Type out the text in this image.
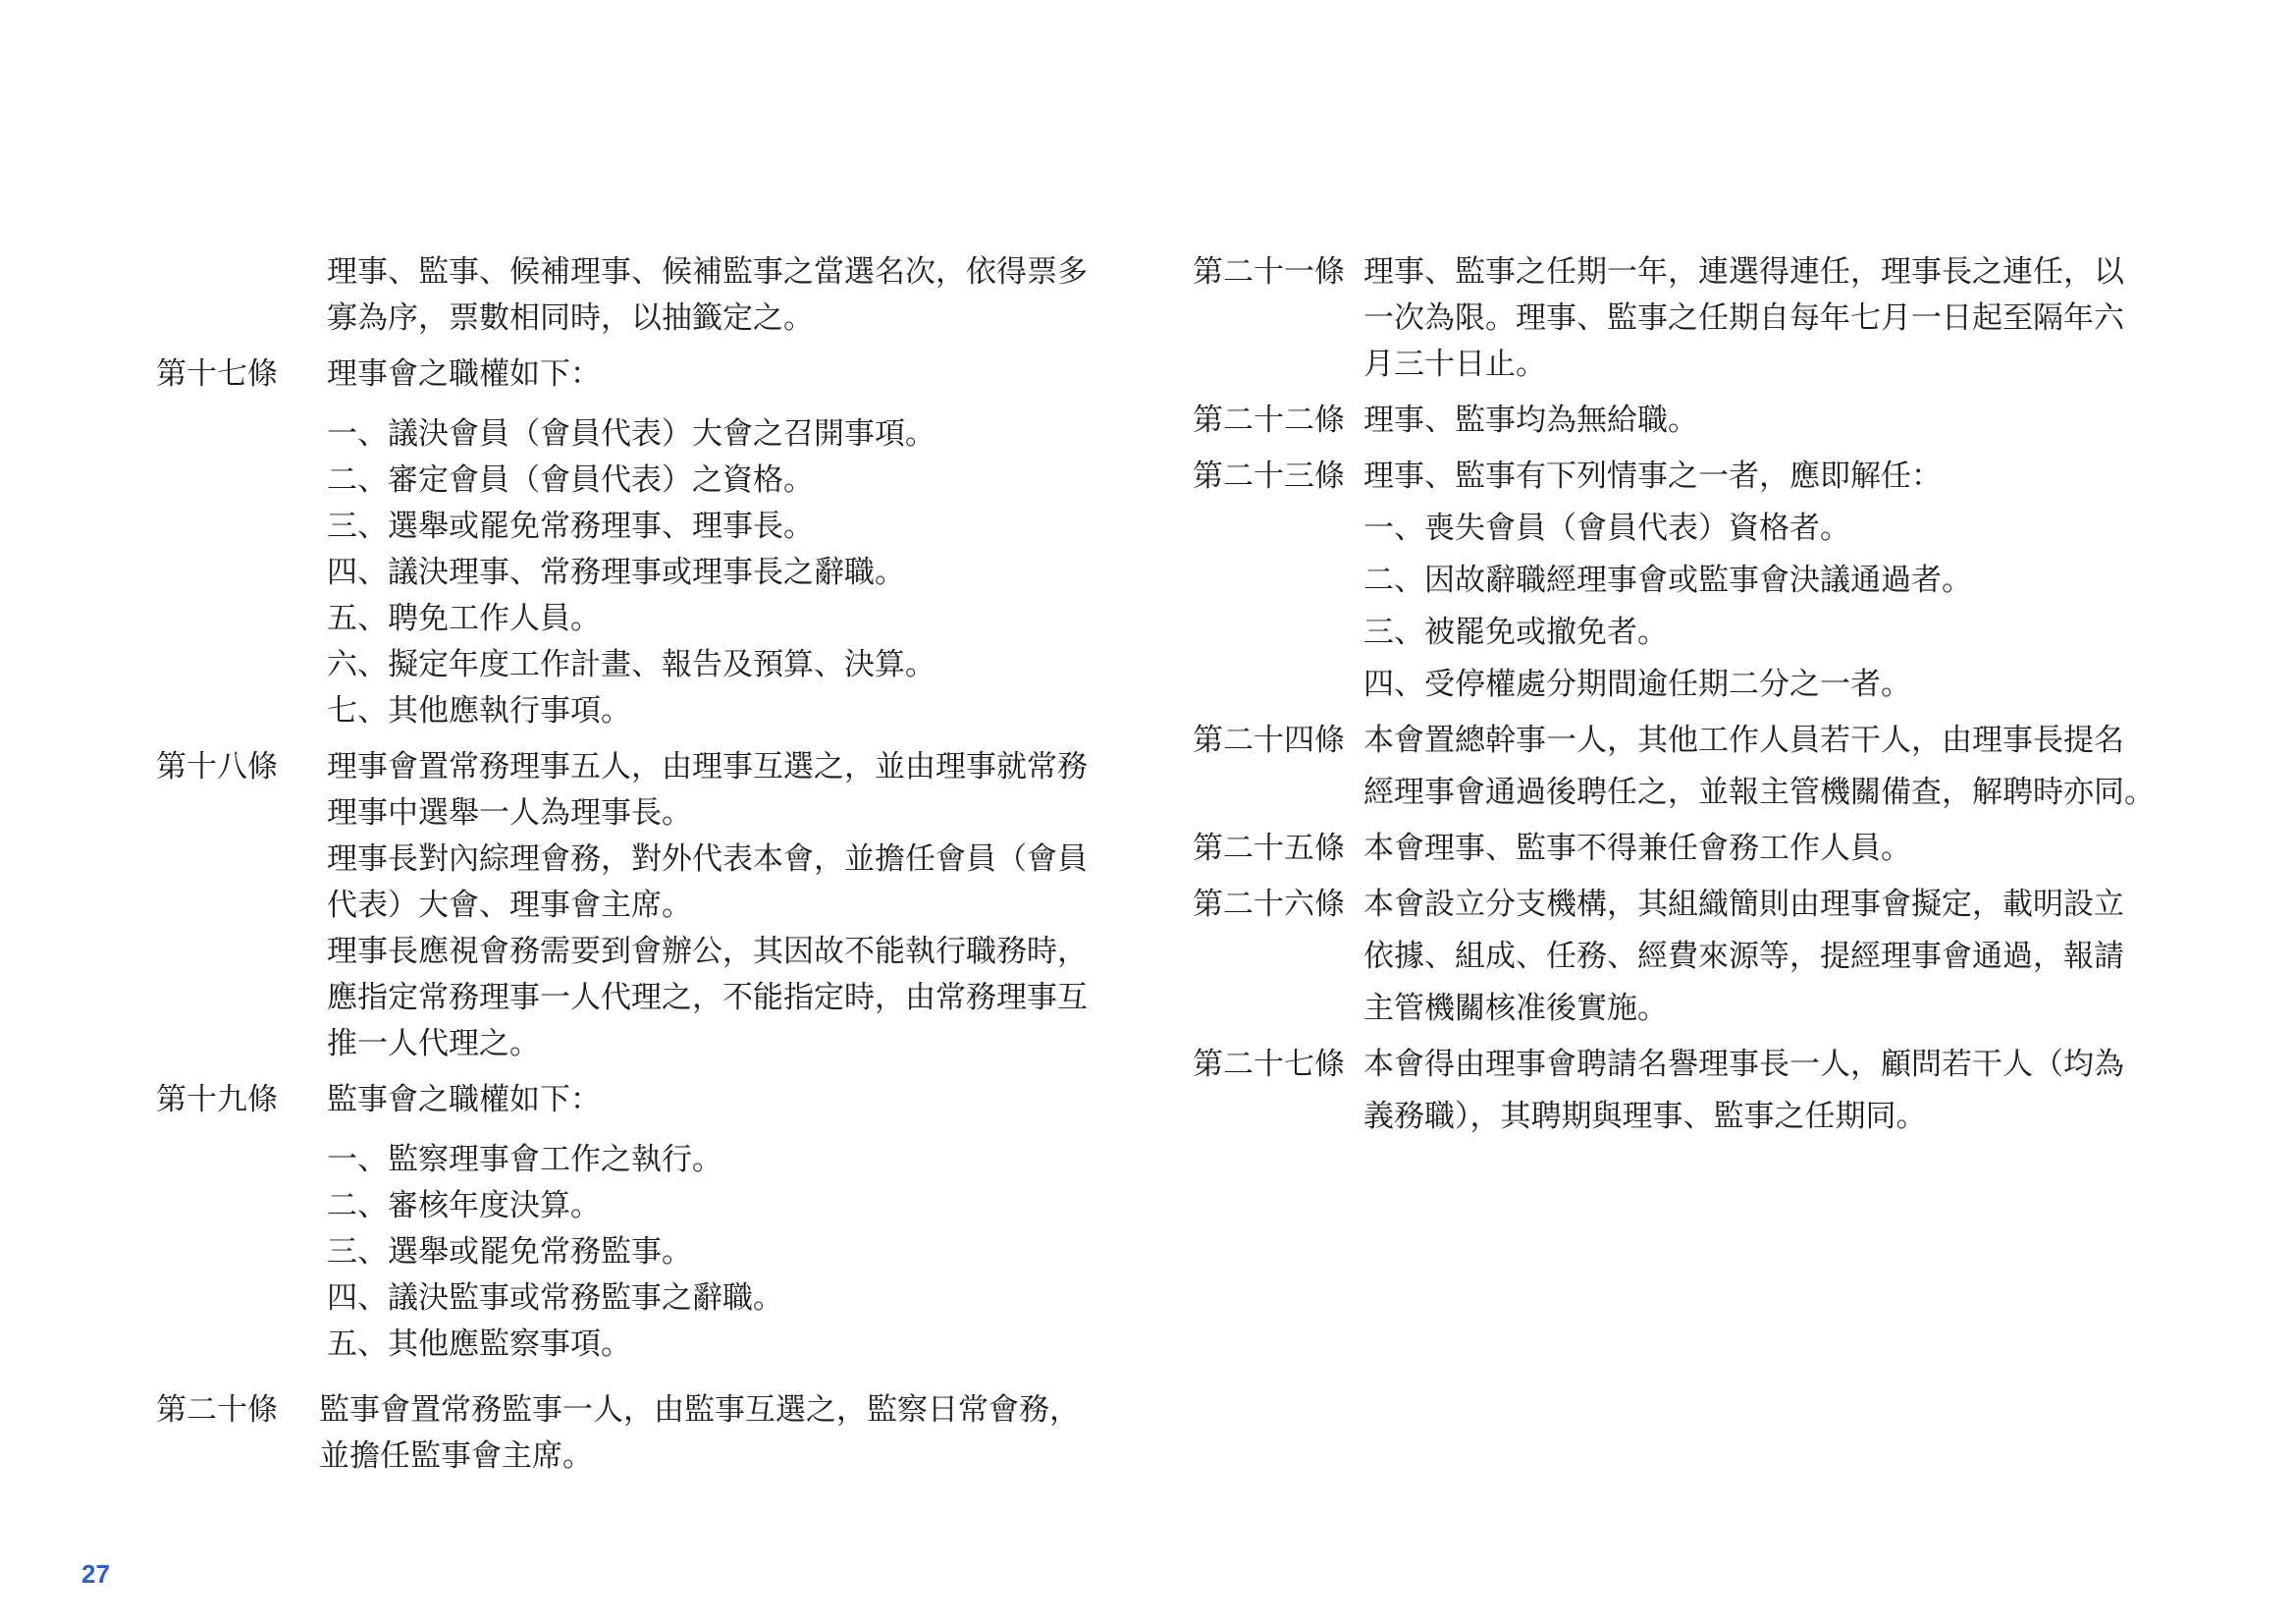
理事、監事、候補理事、候補監事之當選名次，依得票多
寡為序，票數相同時，以抽籤定之。
第十七條 理事會之職權如下：
一、議決會員（會員代表）大會之召開事項。
二、審定會員（會員代表）之資格。
三、選舉或罷免常務理事、理事長。
四、議決理事、常務理事或理事長之辭職。
五、聘免工作人員。
六、擬定年度工作計畫、報告及預算、決算。
七、其他應執行事項。
第十八條 理事會置常務理事五人，由理事互選之，並由理事就常務
理事中選舉一人為理事長。
理事長對內綜理會務，對外代表本會，並擔任會員（會員
代表）大會、理事會主席。
理事長應視會務需要到會辦公，其因故不能執行職務時，
應指定常務理事一人代理之，不能指定時，由常務理事互
推一人代理之。
第十九條 監事會之職權如下：
一、監察理事會工作之執行。
二、審核年度決算。
三、選舉或罷免常務監事。
四、議決監事或常務監事之辭職。
五、其他應監察事項。
第二十條 監事會置常務監事一人，由監事互選之，監察日常會務，
並擔任監事會主席。
第二十一條 理事、監事之任期一年，連選得連任，理事長之連任，以
一次為限。理事、監事之任期自每年七月一日起至隔年六
月三十日止。
第二十二條 理事、監事均為無給職。
第二十三條 理事、監事有下列情事之一者，應即解任：
一、喪失會員（會員代表）資格者。
二、因故辭職經理事會或監事會決議通過者。
三、被罷免或撤免者。
四、受停權處分期間逾任期二分之一者。
第二十四條 本會置總幹事一人，其他工作人員若干人，由理事長提名
經理事會通過後聘任之，並報主管機關備查，解聘時亦同。
第二十五條 本會理事、監事不得兼任會務工作人員。
第二十六條 本會設立分支機構，其組織簡則由理事會擬定，載明設立
依據、組成、任務、經費來源等，提經理事會通過，報請
主管機關核准後實施。
第二十七條 本會得由理事會聘請名譽理事長一人，顧問若干人（均為
義務職），其聘期與理事、監事之任期同。
27
